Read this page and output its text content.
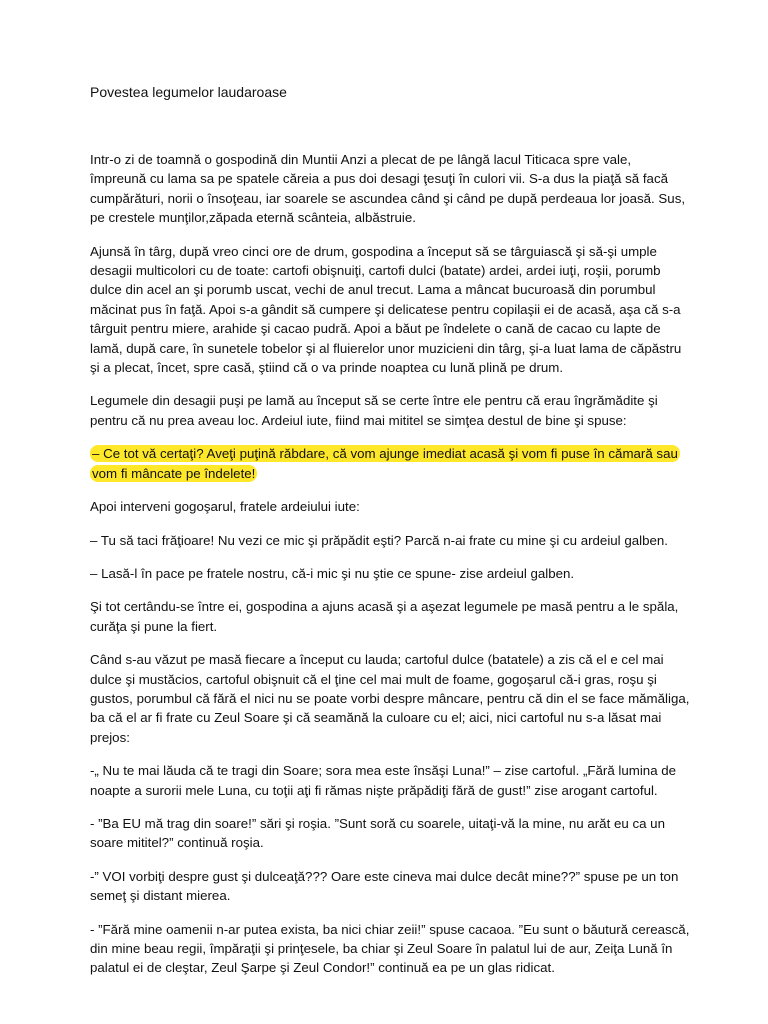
Povestea legumelor laudaroase

Intr-o zi de toamnă o gospodină din Muntii Anzi a plecat de pe lângă lacul Titicaca spre vale, împreună cu lama sa pe spatele căreia a pus doi desagi ţesuţi în culori vii. S-a dus la piaţă să facă cumpărături, norii o însoţeau, iar soarele se ascundea când şi când pe după perdeaua lor joasă. Sus, pe crestele munţilor,zăpada eternă scânteia, albăstruie.

Ajunsă în târg, după vreo cinci ore de drum, gospodina a început să se târguiască şi să-şi umple desagii multicolori cu de toate: cartofi obişnuiţi, cartofi dulci (batate) ardei, ardei iuţi, roşii, porumb dulce din acel an şi porumb uscat, vechi de anul trecut. Lama a mâncat bucuroasă din porumbul măcinat pus în faţă. Apoi s-a gândit să cumpere şi delicatese pentru copilaşii ei de acasă, aşa că s-a târguit pentru miere, arahide şi cacao pudră. Apoi a băut pe îndelete o cană de cacao cu lapte de lamă, după care, în sunetele tobelor şi al fluierelor unor muzicieni din târg, şi-a luat lama de căpăstru şi a plecat, încet, spre casă, ştiind că o va prinde noaptea cu lună plină pe drum.

Legumele din desagii puşi pe lamă au început să se certe între ele pentru că erau îngrămădite şi pentru că nu prea aveau loc. Ardeiul iute, fiind mai mititel se simţea destul de bine şi spuse:

– Ce tot vă certaţi? Aveţi puţină răbdare, că vom ajunge imediat acasă şi vom fi puse în cămară sau vom fi mâncate pe îndelete!

Apoi interveni gogoşarul, fratele ardeiului iute:

– Tu să taci frăţioare! Nu vezi ce mic şi prăpădit eşti? Parcă n-ai frate cu mine şi cu ardeiul galben.

– Lasă-l în pace pe fratele nostru, că-i mic şi nu ştie ce spune- zise ardeiul galben.

Şi tot certându-se între ei, gospodina a ajuns acasă şi a aşezat legumele pe masă pentru a le spăla, curăţa şi pune la fiert.

Când s-au văzut pe masă fiecare a început cu lauda; cartoful dulce (batatele) a zis că el e cel mai dulce şi mustăcios, cartoful obişnuit că el ţine cel mai mult de foame, gogoşarul că-i gras, roşu şi gustos, porumbul că fără el nici nu se poate vorbi despre mâncare, pentru că din el se face mămăliga, ba că el ar fi frate cu Zeul Soare şi că seamănă la culoare cu el; aici, nici cartoful nu s-a lăsat mai prejos:

-„ Nu te mai lăuda că te tragi din Soare; sora mea este însăşi Luna!” – zise cartoful. „Fără lumina de noapte a surorii mele Luna, cu toţii aţi fi rămas nişte prăpădiţi fără de gust!” zise arogant cartoful.

- ”Ba EU mă trag din soare!” sări şi roşia. ”Sunt soră cu soarele, uitaţi-vă la mine, nu arăt eu ca un soare mititel?” continuă roşia.

-” VOI vorbiţi despre gust şi dulceaţă??? Oare este cineva mai dulce decât mine??” spuse pe un ton semeţ şi distant mierea.

- ”Fără mine oamenii n-ar putea exista, ba nici chiar zeii!” spuse cacaoa. ”Eu sunt o băutură cerească, din mine beau regii, împăraţii şi prinţesele, ba chiar şi Zeul Soare în palatul lui de aur, Zeiţa Lună în palatul ei de cleştar, Zeul Şarpe şi Zeul Condor!” continuă ea pe un glas ridicat.
